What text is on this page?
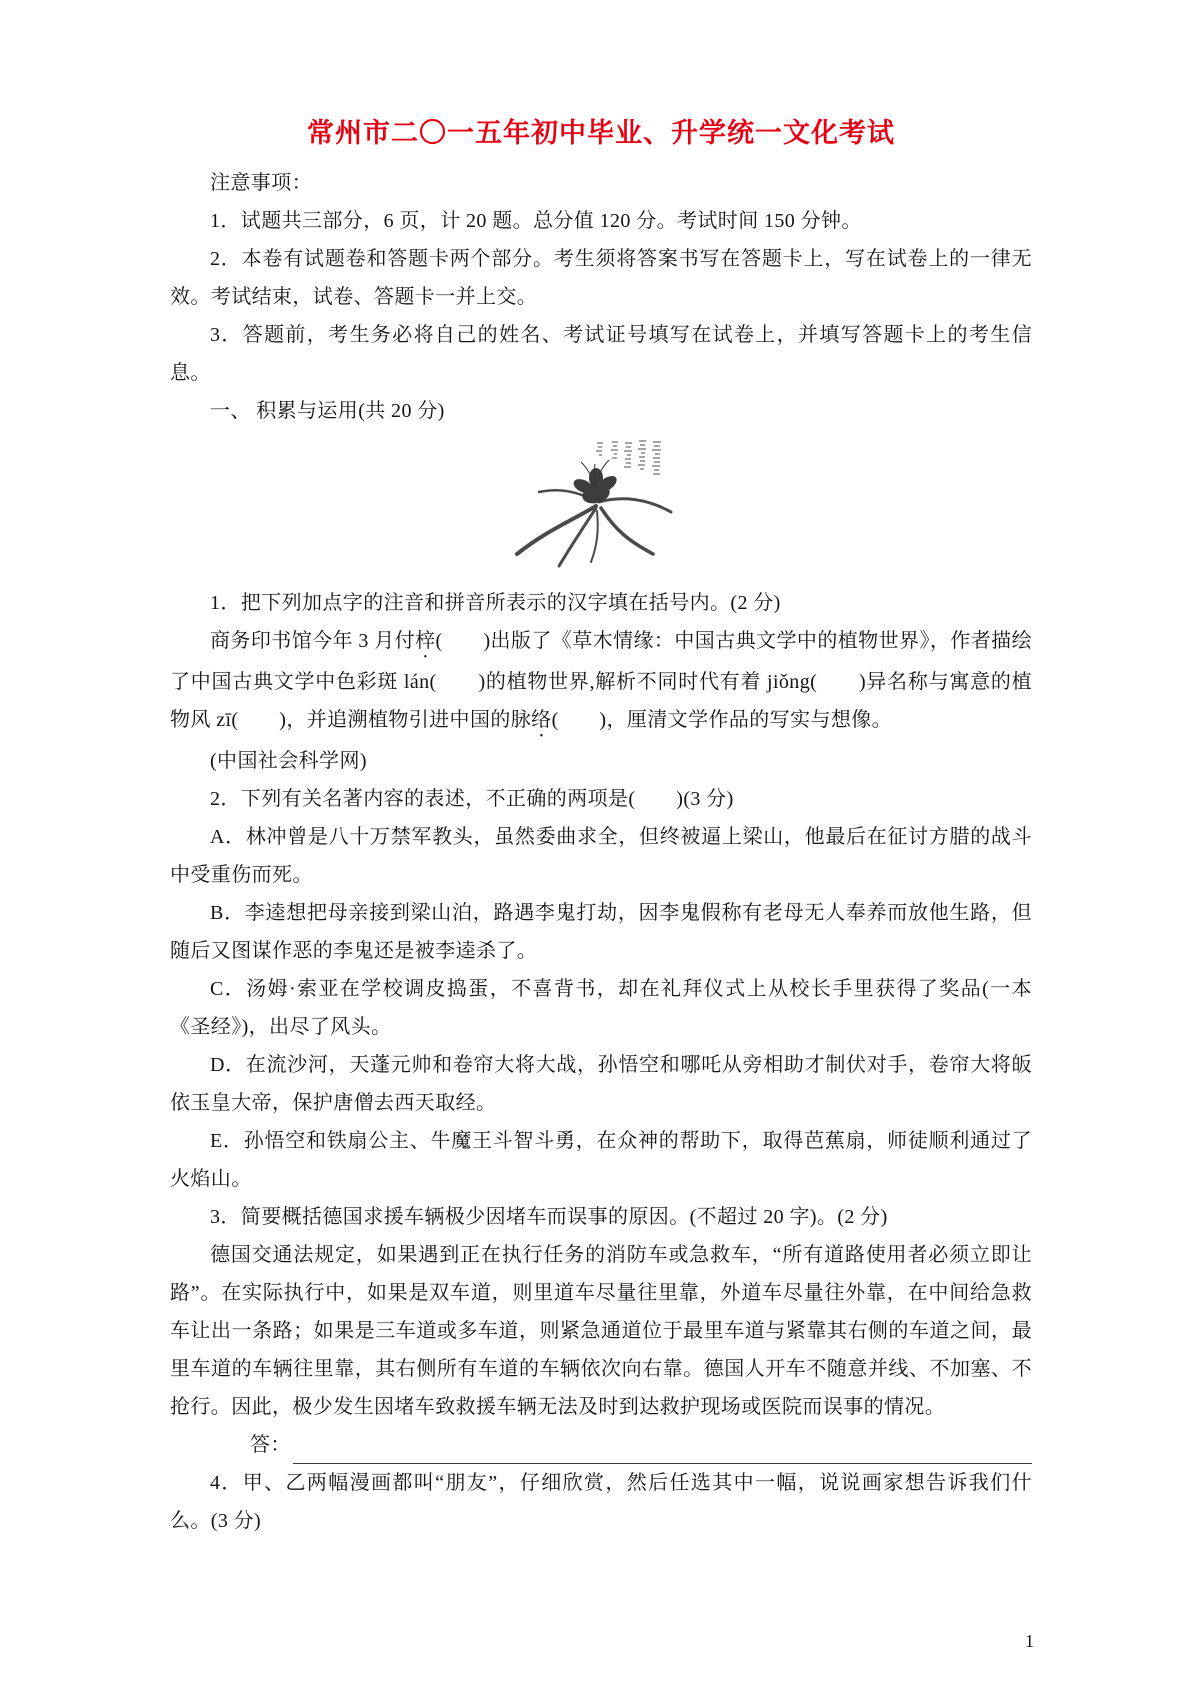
常州市二〇一五年初中毕业、升学统一文化考试

注意事项：

1．试题共三部分，6 页，计 20 题。总分值 120 分。考试时间 150 分钟。

2．本卷有试题卷和答题卡两个部分。考生须将答案书写在答题卡上，写在试卷上的一律无效。考试结束，试卷、答题卡一并上交。

3．答题前，考生务必将自己的姓名、考试证号填写在试卷上，并填写答题卡上的考生信息。

一、 积累与运用(共 20 分)

1．把下列加点字的注音和拼音所表示的汉字填在括号内。(2 分)

商务印书馆今年 3 月付梓(　　)出版了《草木情缘：中国古典文学中的植物世界》，作者描绘了中国古典文学中色彩斑 lán(　　)的植物世界,解析不同时代有着 jiǒng(　　)异名称与寓意的植物风 zī(　　)，并追溯植物引进中国的脉络(　　)，厘清文学作品的写实与想像。

(中国社会科学网)

2．下列有关名著内容的表述，不正确的两项是(　　)(3 分)

A．林冲曾是八十万禁军教头，虽然委曲求全，但终被逼上梁山，他最后在征讨方腊的战斗中受重伤而死。

B．李逵想把母亲接到梁山泊，路遇李鬼打劫，因李鬼假称有老母无人奉养而放他生路，但随后又图谋作恶的李鬼还是被李逵杀了。

C．汤姆·索亚在学校调皮捣蛋，不喜背书，却在礼拜仪式上从校长手里获得了奖品(一本《圣经》)，出尽了风头。

D．在流沙河，天蓬元帅和卷帘大将大战，孙悟空和哪吒从旁相助才制伏对手，卷帘大将皈依玉皇大帝，保护唐僧去西天取经。

E．孙悟空和铁扇公主、牛魔王斗智斗勇，在众神的帮助下，取得芭蕉扇，师徒顺利通过了火焰山。

3．简要概括德国求援车辆极少因堵车而误事的原因。(不超过 20 字)。(2 分)

德国交通法规定，如果遇到正在执行任务的消防车或急救车，“所有道路使用者必须立即让路”。在实际执行中，如果是双车道，则里道车尽量往里靠，外道车尽量往外靠，在中间给急救车让出一条路；如果是三车道或多车道，则紧急通道位于最里车道与紧靠其右侧的车道之间，最里车道的车辆往里靠，其右侧所有车道的车辆依次向右靠。德国人开车不随意并线、不加塞、不抢行。因此，极少发生因堵车致救援车辆无法及时到达救护现场或医院而误事的情况。

答：

4．甲、乙两幅漫画都叫“朋友”，仔细欣赏，然后任选其中一幅，说说画家想告诉我们什么。(3 分)

1
